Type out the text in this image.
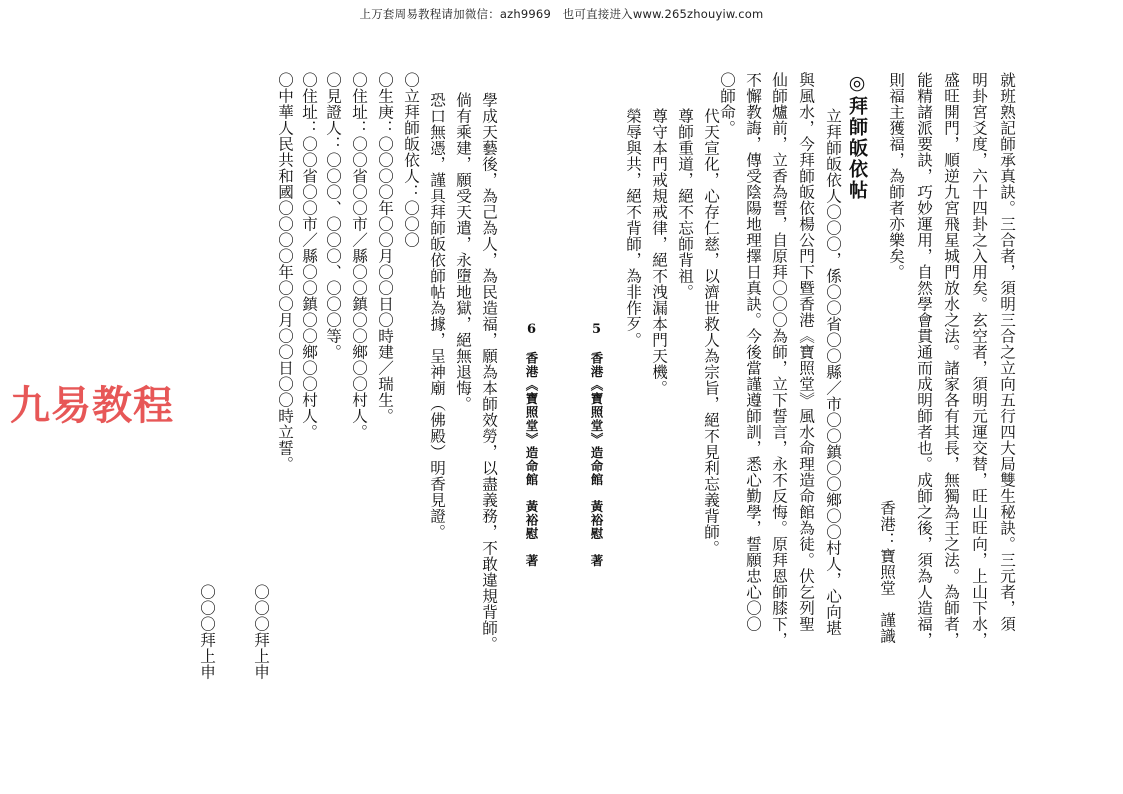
上万套周易教程请加微信：azh9969　也可直接进入www.265zhouyiw.com
九易教程	就班熟記師承真訣。三合者，須明三合之立向五行四大局雙生秘訣。三元者，須
明卦宮爻度，六十四卦之入用矣。玄空者，須明元運交替，旺山旺向，上山下水，
盛旺開門，順逆九宮飛星城門放水之法。諸家各有其長，無獨為王之法。為師者，
能精諸派要訣，巧妙運用，自然學會貫通而成明師者也。成師之後，須為人造福，
則福主獲福，為師者亦樂矣。
香港：寶照堂　謹識
◎拜師皈依帖
　立拜師皈依人〇〇〇，係〇〇省〇〇縣／市〇〇鎮〇〇鄉〇〇村人，心向堪
與風水，今拜師皈依楊公門下暨香港《寶照堂》風水命理造命館為徒。伏乞列聖
仙師爐前，立香為誓，自原拜〇〇〇為師，立下誓言，永不反悔。原拜恩師膝下，
不懈教誨，傳受陰陽地理擇日真訣。今後當謹遵師訓，悉心勤學，誓願忠心〇〇
〇師命。
　代天宣化，心存仁慈，以濟世救人為宗旨，絕不見利忘義背師。
　尊師重道，絕不忘師背祖。
　尊守本門戒規戒律，絕不洩漏本門天機。
　榮辱與共，絕不背師，為非作歹。
5　香港《寶照堂》造命館　黃裕慰　著
6　香港《寶照堂》造命館　黃裕慰　著
學成天藝後，為己為人，為民造福，願為本師效勞，以盡義務，不敢違規背師。
倘有乘建，願受天遣，永墮地獄，絕無退悔。
恐口無憑，謹具拜師皈依師帖為據，呈神廟（佛殿）明香見證。
〇立拜師皈依人：〇〇〇
〇生庚：〇〇〇〇年〇〇月〇〇日〇時建／瑞生。
〇住址：〇〇省〇〇市／縣〇〇鎮〇〇鄉〇〇村人。
〇見證人：〇〇〇、〇〇〇、〇〇〇等。
〇住址：〇〇省〇〇市／縣〇〇鎮〇〇鄉〇〇村人。
〇中華人民共和國〇〇〇〇年〇〇月〇〇日〇〇時立誓。
〇〇〇拜上申
〇〇〇拜上申
